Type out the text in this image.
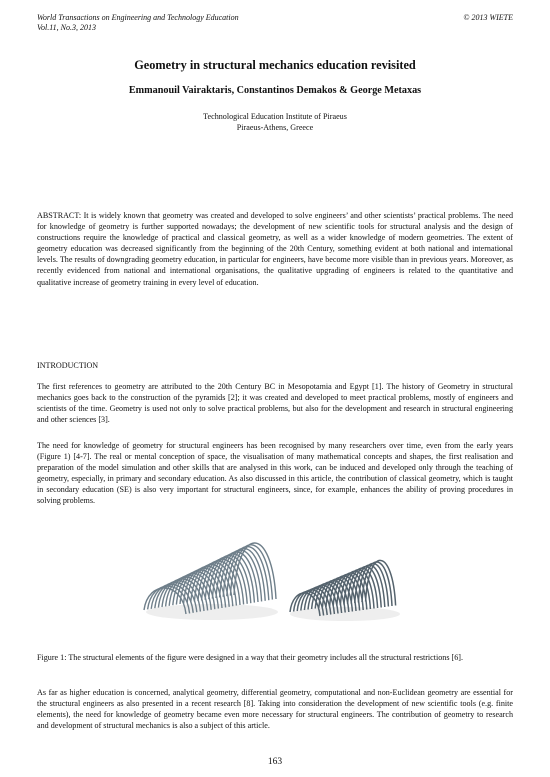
World Transactions on Engineering and Technology Education	© 2013 WIETE
Vol.11, No.3, 2013
Geometry in structural mechanics education revisited
Emmanouil Vairaktaris, Constantinos Demakos & George Metaxas
Technological Education Institute of Piraeus
Piraeus-Athens, Greece

ABSTRACT: It is widely known that geometry was created and developed to solve engineers’ and other scientists’ practical problems. The need for knowledge of geometry is further supported nowadays; the development of new scientific tools for structural analysis and the design of constructions require the knowledge of practical and classical geometry, as well as a wider knowledge of modern geometries. The extent of geometry education was decreased significantly from the beginning of the 20th Century, something evident at both national and international levels. The results of downgrading geometry education, in particular for engineers, have become more visible than in previous years. Moreover, as recently evidenced from national and international organisations, the qualitative upgrading of engineers is related to the quantitative and qualitative increase of geometry training in every level of education.

INTRODUCTION

The first references to geometry are attributed to the 20th Century BC in Mesopotamia and Egypt [1]. The history of Geometry in structural mechanics goes back to the construction of the pyramids [2]; it was created and developed to meet practical problems, mostly of engineers and scientists of the time. Geometry is used not only to solve practical problems, but also for the development and research in structural engineering and other sciences [3].

The need for knowledge of geometry for structural engineers has been recognised by many researchers over time, even from the early years (Figure 1) [4-7]. The real or mental conception of space, the visualisation of many mathematical concepts and shapes, the first realisation and preparation of the model simulation and other skills that are analysed in this work, can be induced and developed only through the teaching of geometry, especially, in primary and secondary education. As also discussed in this article, the contribution of classical geometry, which is taught in secondary education (SE) is also very important for structural engineers, since, for example, enhances the ability of proving procedures in solving problems.

Figure 1: The structural elements of the figure were designed in a way that their geometry includes all the structural restrictions [6].

As far as higher education is concerned, analytical geometry, differential geometry, computational and non-Euclidean geometry are essential for the structural engineers as also presented in a recent research [8]. Taking into consideration the development of new scientific tools (e.g. finite elements), the need for knowledge of geometry became even more necessary for structural engineers. The contribution of geometry to research and development of structural mechanics is also a subject of this article.

163
